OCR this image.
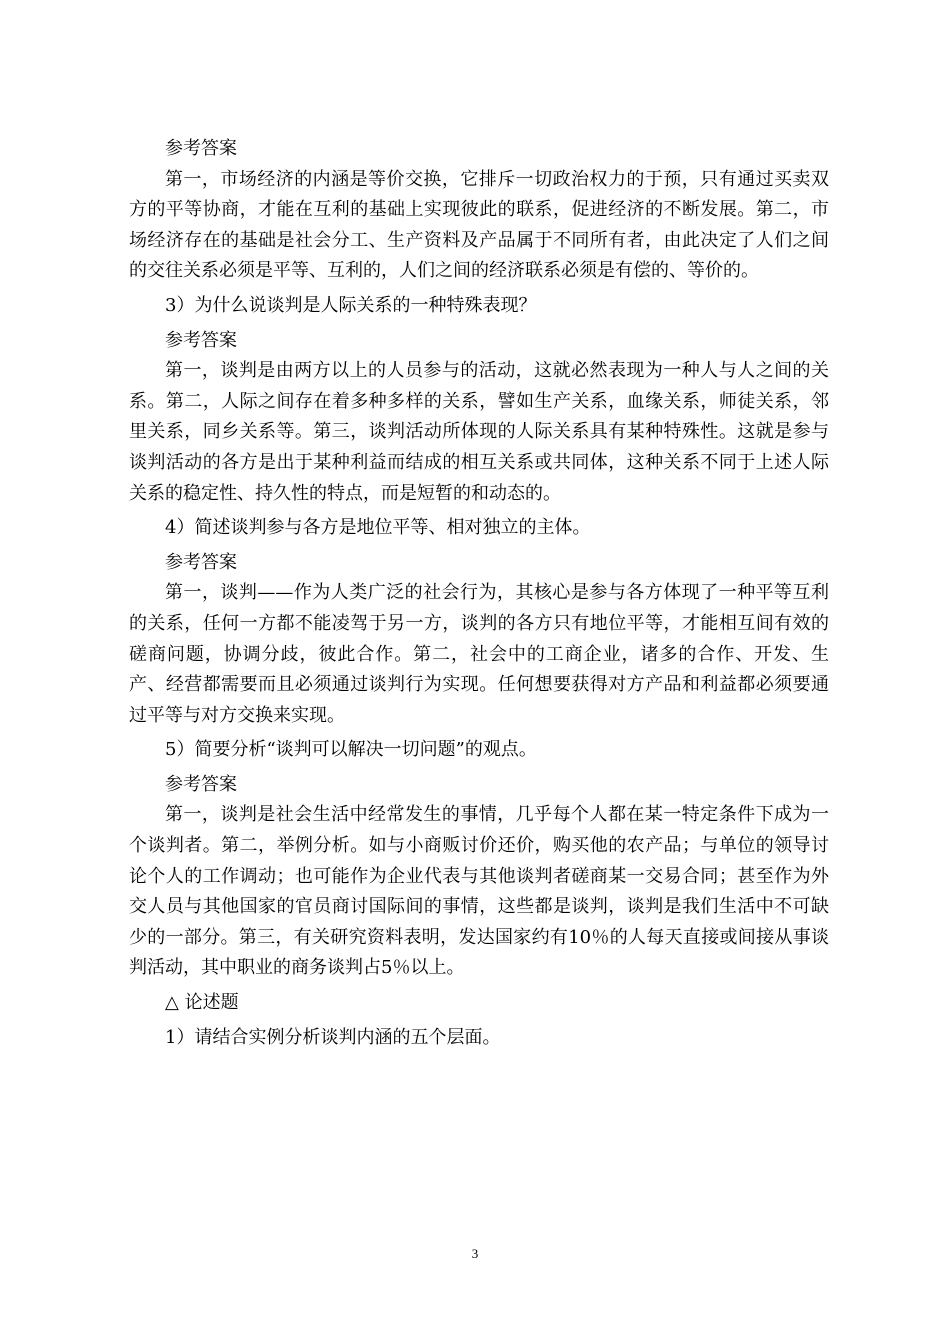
参考答案

第一，市场经济的内涵是等价交换，它排斥一切政治权力的于预，只有通过买卖双方的平等协商，才能在互利的基础上实现彼此的联系，促进经济的不断发展。第二，市场经济存在的基础是社会分工、生产资料及产品属于不同所有者，由此决定了人们之间的交往关系必须是平等、互利的，人们之间的经济联系必须是有偿的、等价的。

3）为什么说谈判是人际关系的一种特殊表现？

参考答案

第一，谈判是由两方以上的人员参与的活动，这就必然表现为一种人与人之间的关系。第二，人际之间存在着多种多样的关系，譬如生产关系，血缘关系，师徒关系，邻里关系，同乡关系等。第三，谈判活动所体现的人际关系具有某种特殊性。这就是参与谈判活动的各方是出于某种利益而结成的相互关系或共同体，这种关系不同于上述人际关系的稳定性、持久性的特点，而是短暂的和动态的。

4）简述谈判参与各方是地位平等、相对独立的主体。

参考答案

第一，谈判——作为人类广泛的社会行为，其核心是参与各方体现了一种平等互利的关系，任何一方都不能凌驾于另一方，谈判的各方只有地位平等，才能相互间有效的磋商问题，协调分歧，彼此合作。第二，社会中的工商企业，诸多的合作、开发、生产、经营都需要而且必须通过谈判行为实现。任何想要获得对方产品和利益都必须要通过平等与对方交换来实现。

5）简要分析“谈判可以解决一切问题”的观点。

参考答案

第一，谈判是社会生活中经常发生的事情，几乎每个人都在某一特定条件下成为一个谈判者。第二，举例分析。如与小商贩讨价还价，购买他的农产品；与单位的领导讨论个人的工作调动；也可能作为企业代表与其他谈判者磋商某一交易合同；甚至作为外交人员与其他国家的官员商讨国际间的事情，这些都是谈判，谈判是我们生活中不可缺少的一部分。第三，有关研究资料表明，发达国家约有10％的人每天直接或间接从事谈判活动，其中职业的商务谈判占5％以上。

△ 论述题

1）请结合实例分析谈判内涵的五个层面。

3
